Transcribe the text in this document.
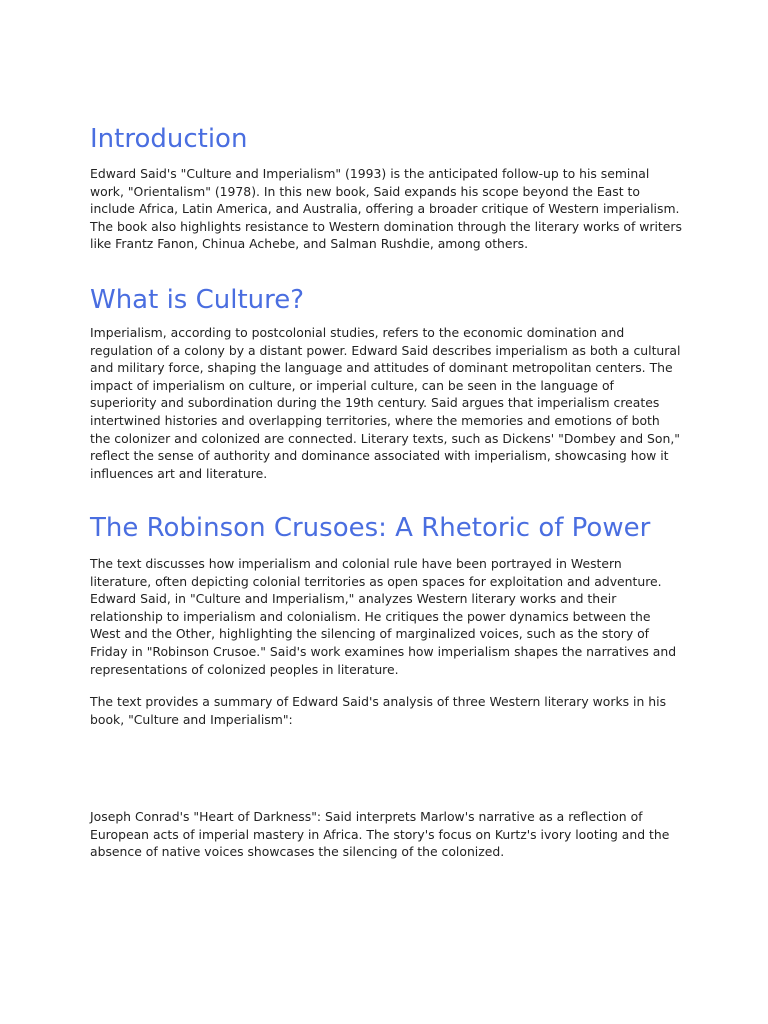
Introduction

Edward Said's "Culture and Imperialism" (1993) is the anticipated follow-up to his seminal work, "Orientalism" (1978). In this new book, Said expands his scope beyond the East to include Africa, Latin America, and Australia, offering a broader critique of Western imperialism. The book also highlights resistance to Western domination through the literary works of writers like Frantz Fanon, Chinua Achebe, and Salman Rushdie, among others.

What is Culture?

Imperialism, according to postcolonial studies, refers to the economic domination and regulation of a colony by a distant power. Edward Said describes imperialism as both a cultural and military force, shaping the language and attitudes of dominant metropolitan centers. The impact of imperialism on culture, or imperial culture, can be seen in the language of superiority and subordination during the 19th century. Said argues that imperialism creates intertwined histories and overlapping territories, where the memories and emotions of both the colonizer and colonized are connected. Literary texts, such as Dickens' "Dombey and Son," reflect the sense of authority and dominance associated with imperialism, showcasing how it influences art and literature.

The Robinson Crusoes: A Rhetoric of Power

The text discusses how imperialism and colonial rule have been portrayed in Western literature, often depicting colonial territories as open spaces for exploitation and adventure. Edward Said, in "Culture and Imperialism," analyzes Western literary works and their relationship to imperialism and colonialism. He critiques the power dynamics between the West and the Other, highlighting the silencing of marginalized voices, such as the story of Friday in "Robinson Crusoe." Said's work examines how imperialism shapes the narratives and representations of colonized peoples in literature.

The text provides a summary of Edward Said's analysis of three Western literary works in his book, "Culture and Imperialism":

Joseph Conrad's "Heart of Darkness": Said interprets Marlow's narrative as a reflection of European acts of imperial mastery in Africa. The story's focus on Kurtz's ivory looting and the absence of native voices showcases the silencing of the colonized.
